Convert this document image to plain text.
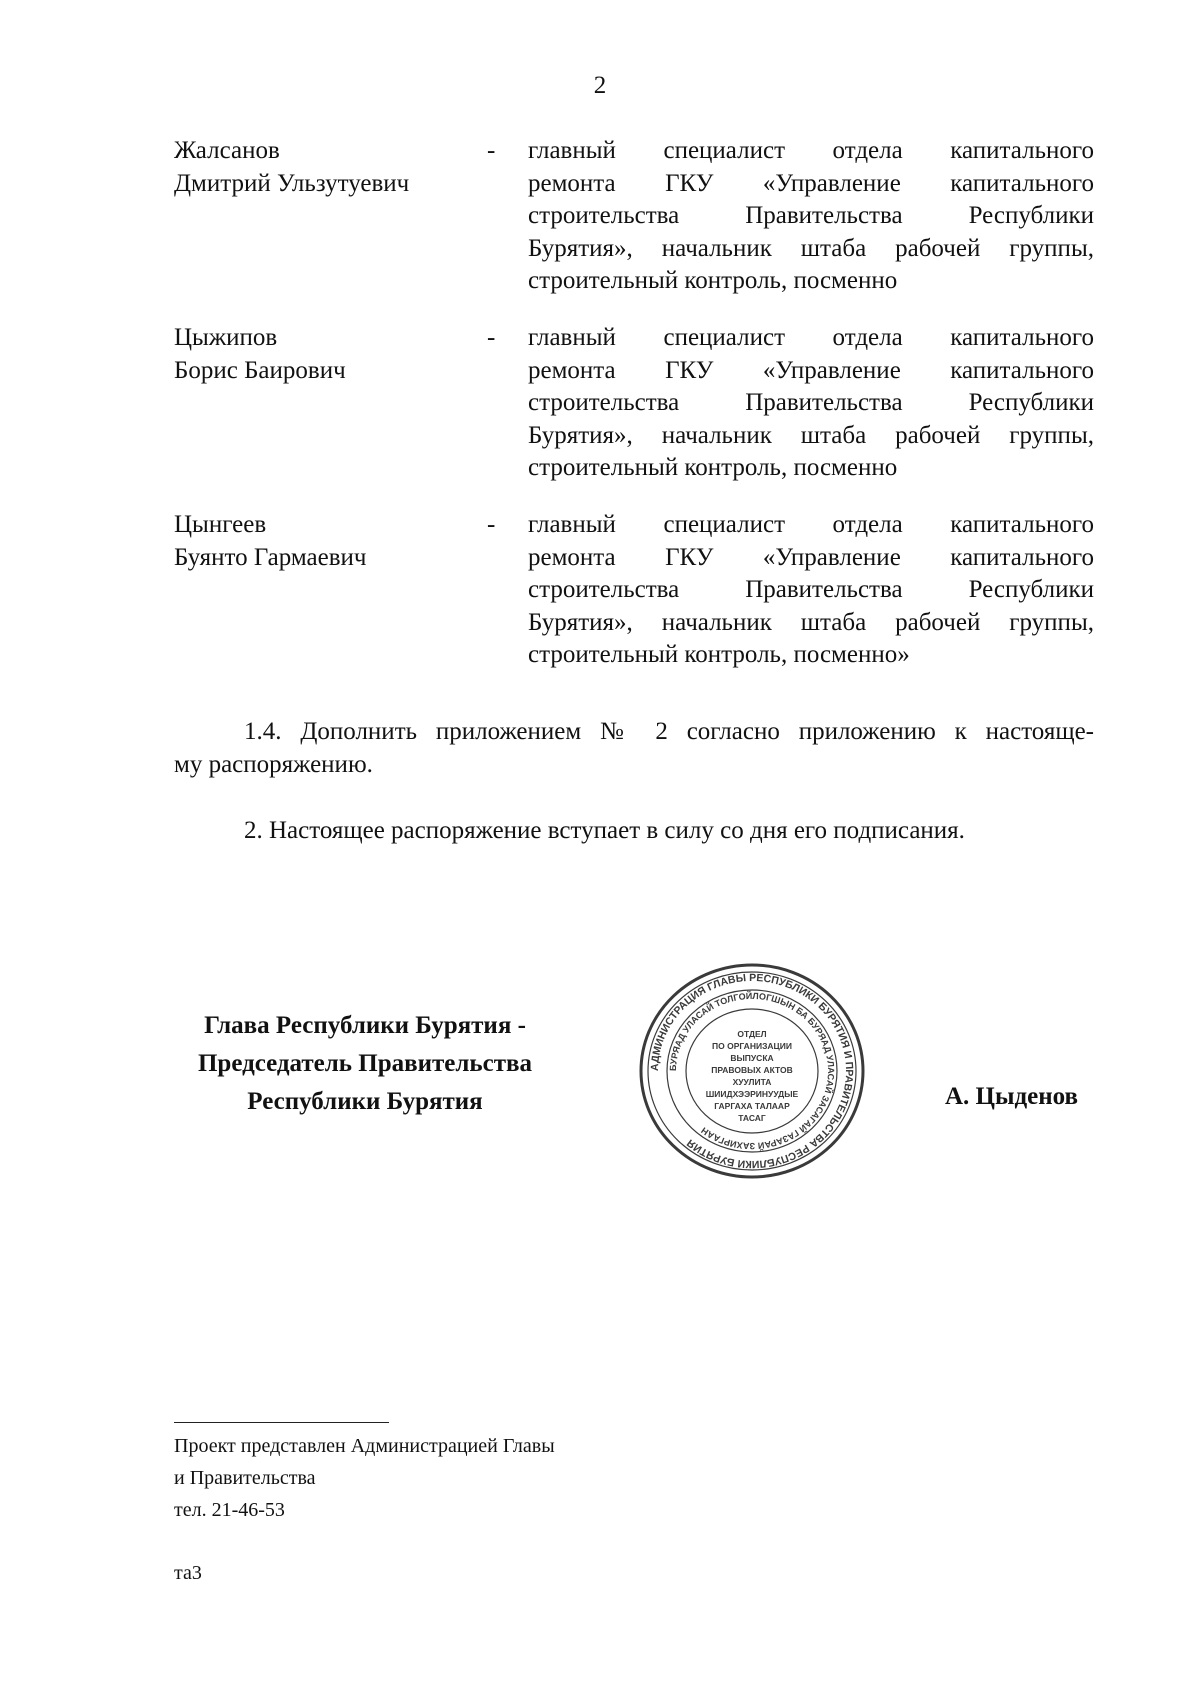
2
Жалсанов
Дмитрий Ульзутуевич
- главный специалист отдела капитального
ремонта ГКУ «Управление капитального
строительства Правительства Республики
Бурятия», начальник штаба рабочей группы,
строительный контроль, посменно
Цыжипов
Борис Баирович
- главный специалист отдела капитального
ремонта ГКУ «Управление капитального
строительства Правительства Республики
Бурятия», начальник штаба рабочей группы,
строительный контроль, посменно
Цынгеев
Буянто Гармаевич
- главный специалист отдела капитального
ремонта ГКУ «Управление капитального
строительства Правительства Республики
Бурятия», начальник штаба рабочей группы,
строительный контроль, посменно»
1.4. Дополнить приложением № 2 согласно приложению к настояще-
му распоряжению.
2. Настоящее распоряжение вступает в силу со дня его подписания.
Глава Республики Бурятия -
Председатель Правительства
Республики Бурятия
АДМИНИСТРАЦИЯ ГЛАВЫ РЕСПУБЛИКИ БУРЯТИЯ И ПРАВИТЕЛЬСТВА РЕСПУБЛИКИ БУРЯТИЯ
БУРЯАД УЛАСАЙ ТОЛГОЙЛОГШЫН БА БУРЯАД УЛАСАЙ ЗАСАГАЙ ГАЗАРАЙ ЗАХИРГААН
ОТДЕЛ
ПО ОРГАНИЗАЦИИ
ВЫПУСКА
ПРАВОВЫХ АКТОВ
ХУУЛИТА
ШИИДХЭЭРИНУУДЫЕ
ГАРГАХА ТАЛААР
ТАСАГ
А. Цыденов
Проект представлен Администрацией Главы
и Правительства
тел. 21-46-53
та3
